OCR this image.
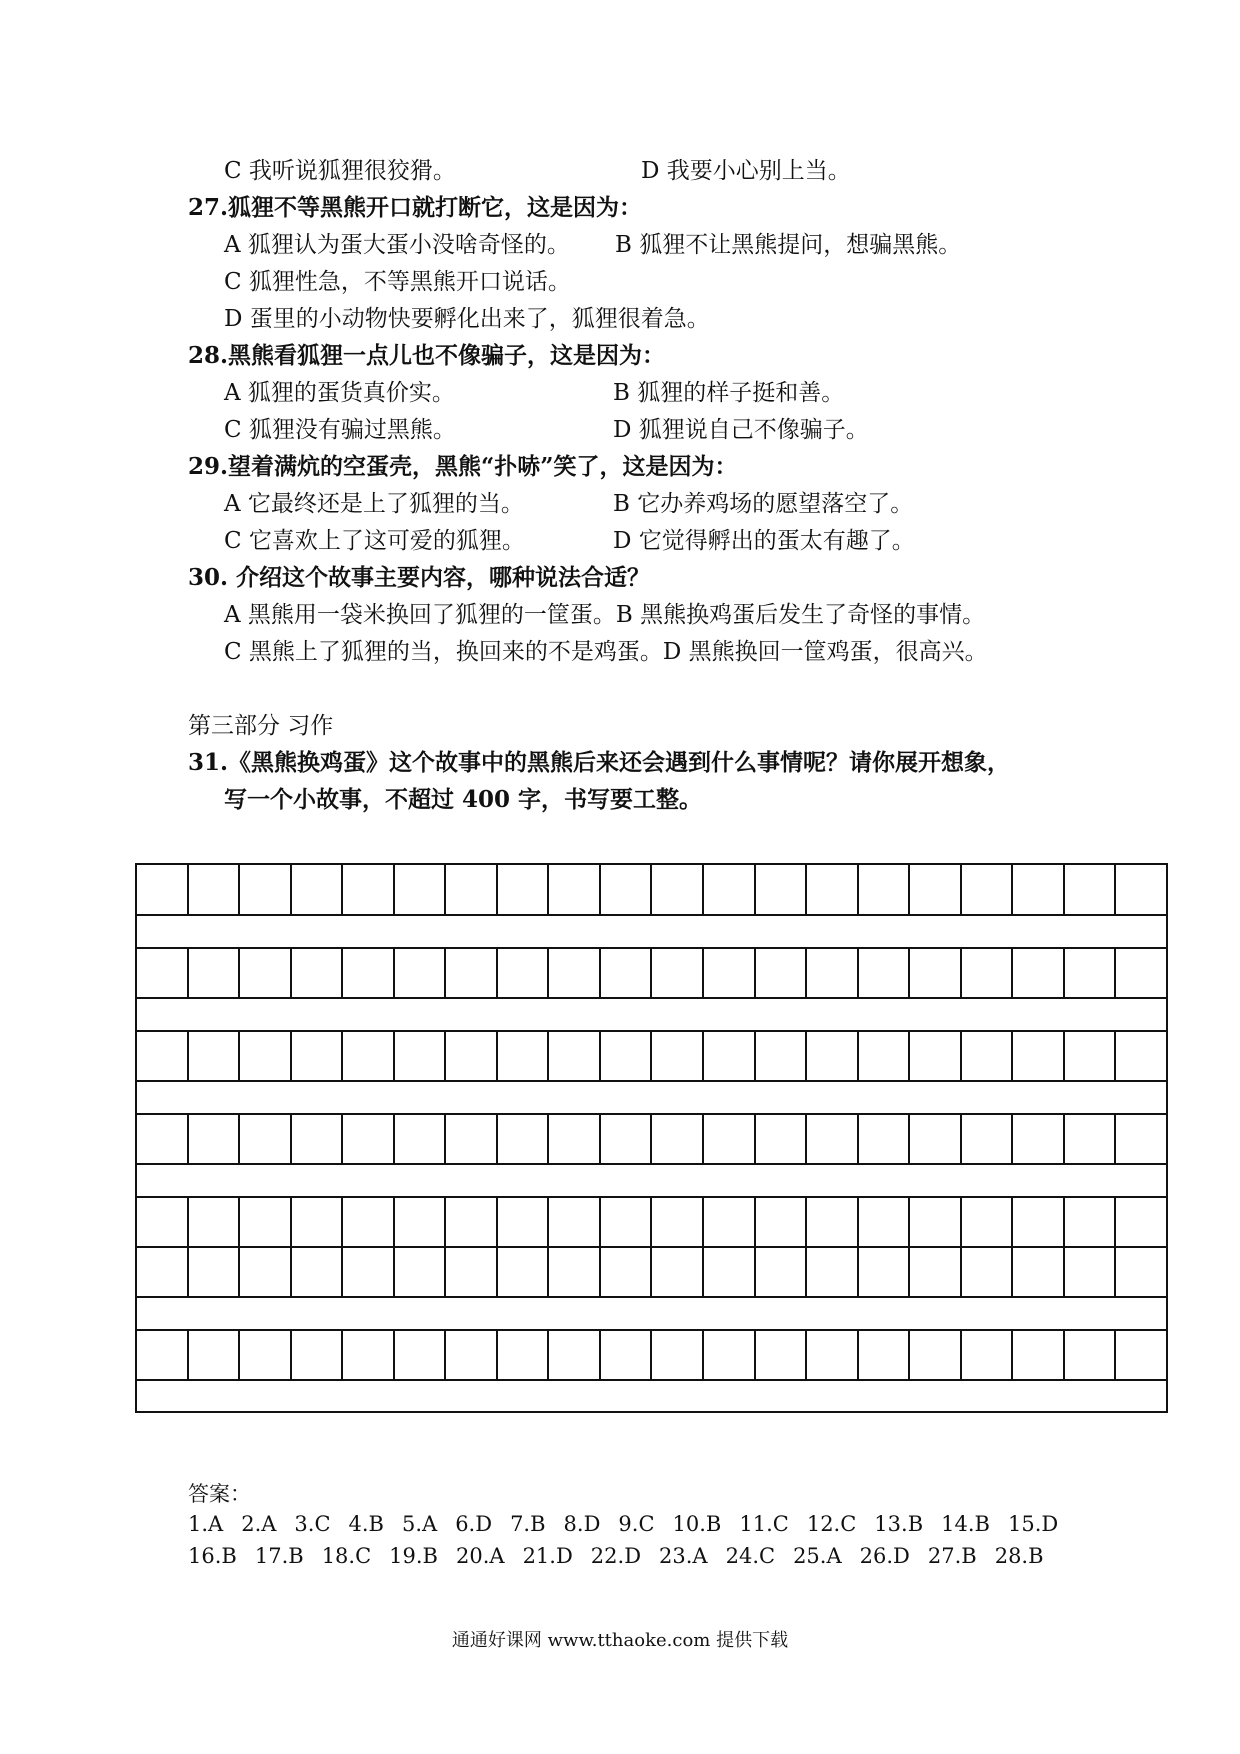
C 我听说狐狸很狡猾。	D 我要小心别上当。
27.狐狸不等黑熊开口就打断它，这是因为：
A 狐狸认为蛋大蛋小没啥奇怪的。 B 狐狸不让黑熊提问，想骗黑熊。
C 狐狸性急，不等黑熊开口说话。
D 蛋里的小动物快要孵化出来了，狐狸很着急。
28.黑熊看狐狸一点儿也不像骗子，这是因为：
A 狐狸的蛋货真价实。	B 狐狸的样子挺和善。
C 狐狸没有骗过黑熊。	D 狐狸说自己不像骗子。
29.望着满炕的空蛋壳，黑熊“扑哧”笑了，这是因为：
A 它最终还是上了狐狸的当。	B 它办养鸡场的愿望落空了。
C 它喜欢上了这可爱的狐狸。	D 它觉得孵出的蛋太有趣了。
30. 介绍这个故事主要内容，哪种说法合适？
A 黑熊用一袋米换回了狐狸的一筐蛋。B 黑熊换鸡蛋后发生了奇怪的事情。
C 黑熊上了狐狸的当，换回来的不是鸡蛋。D 黑熊换回一筐鸡蛋，很高兴。
第三部分 习作
31.《黑熊换鸡蛋》这个故事中的黑熊后来还会遇到什么事情呢？请你展开想象，
写一个小故事，不超过 400 字，书写要工整。
答案：
1.A 2.A 3.C 4.B 5.A 6.D 7.B 8.D 9.C 10.B 11.C 12.C 13.B 14.B 15.D
16.B 17.B 18.C 19.B 20.A 21.D 22.D 23.A 24.C 25.A 26.D 27.B 28.B
通通好课网 www.tthaoke.com 提供下载
